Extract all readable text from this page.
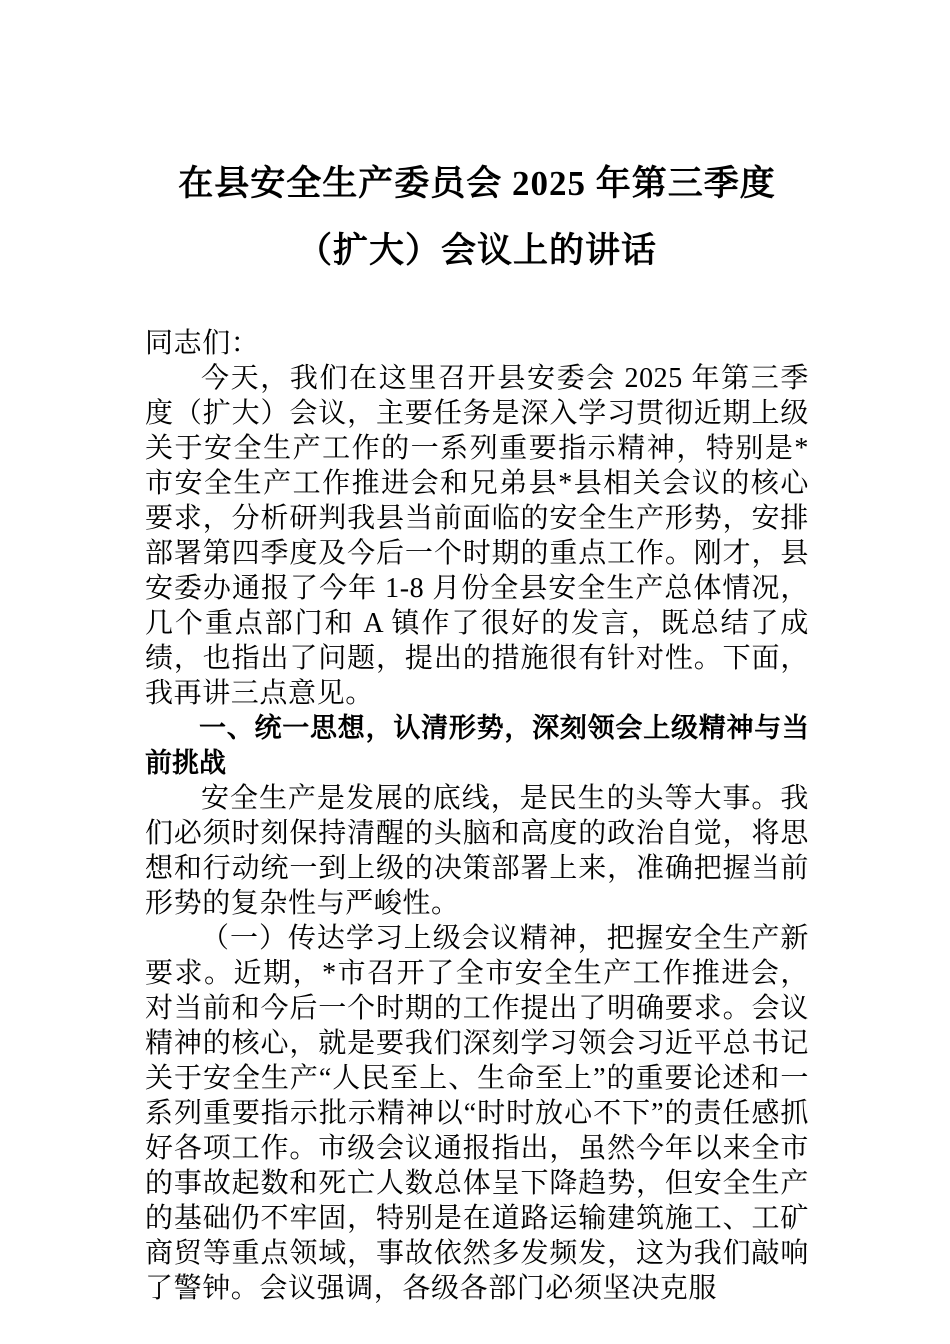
在县安全生产委员会 2025 年第三季度（扩大）会议上的讲话

同志们：

今天，我们在这里召开县安委会 2025 年第三季度（扩大）会议，主要任务是深入学习贯彻近期上级关于安全生产工作的一系列重要指示精神，特别是*市安全生产工作推进会和兄弟县*县相关会议的核心要求，分析研判我县当前面临的安全生产形势，安排部署第四季度及今后一个时期的重点工作。刚才，县安委办通报了今年 1-8 月份全县安全生产总体情况，几个重点部门和 A 镇作了很好的发言，既总结了成绩，也指出了问题，提出的措施很有针对性。下面，我再讲三点意见。

一、统一思想，认清形势，深刻领会上级精神与当前挑战

安全生产是发展的底线，是民生的头等大事。我们必须时刻保持清醒的头脑和高度的政治自觉，将思想和行动统一到上级的决策部署上来，准确把握当前形势的复杂性与严峻性。

（一）传达学习上级会议精神，把握安全生产新要求。近期，*市召开了全市安全生产工作推进会，对当前和今后一个时期的工作提出了明确要求。会议精神的核心，就是要我们深刻学习领会习近平总书记关于安全生产“人民至上、生命至上”的重要论述和一系列重要指示批示精神以“时时放心不下”的责任感抓好各项工作。市级会议通报指出，虽然今年以来全市的事故起数和死亡人数总体呈下降趋势，但安全生产的基础仍不牢固，特别是在道路运输建筑施工、工矿商贸等重点领域，事故依然多发频发，这为我们敲响了警钟。会议强调，各级各部门必须坚决克服
